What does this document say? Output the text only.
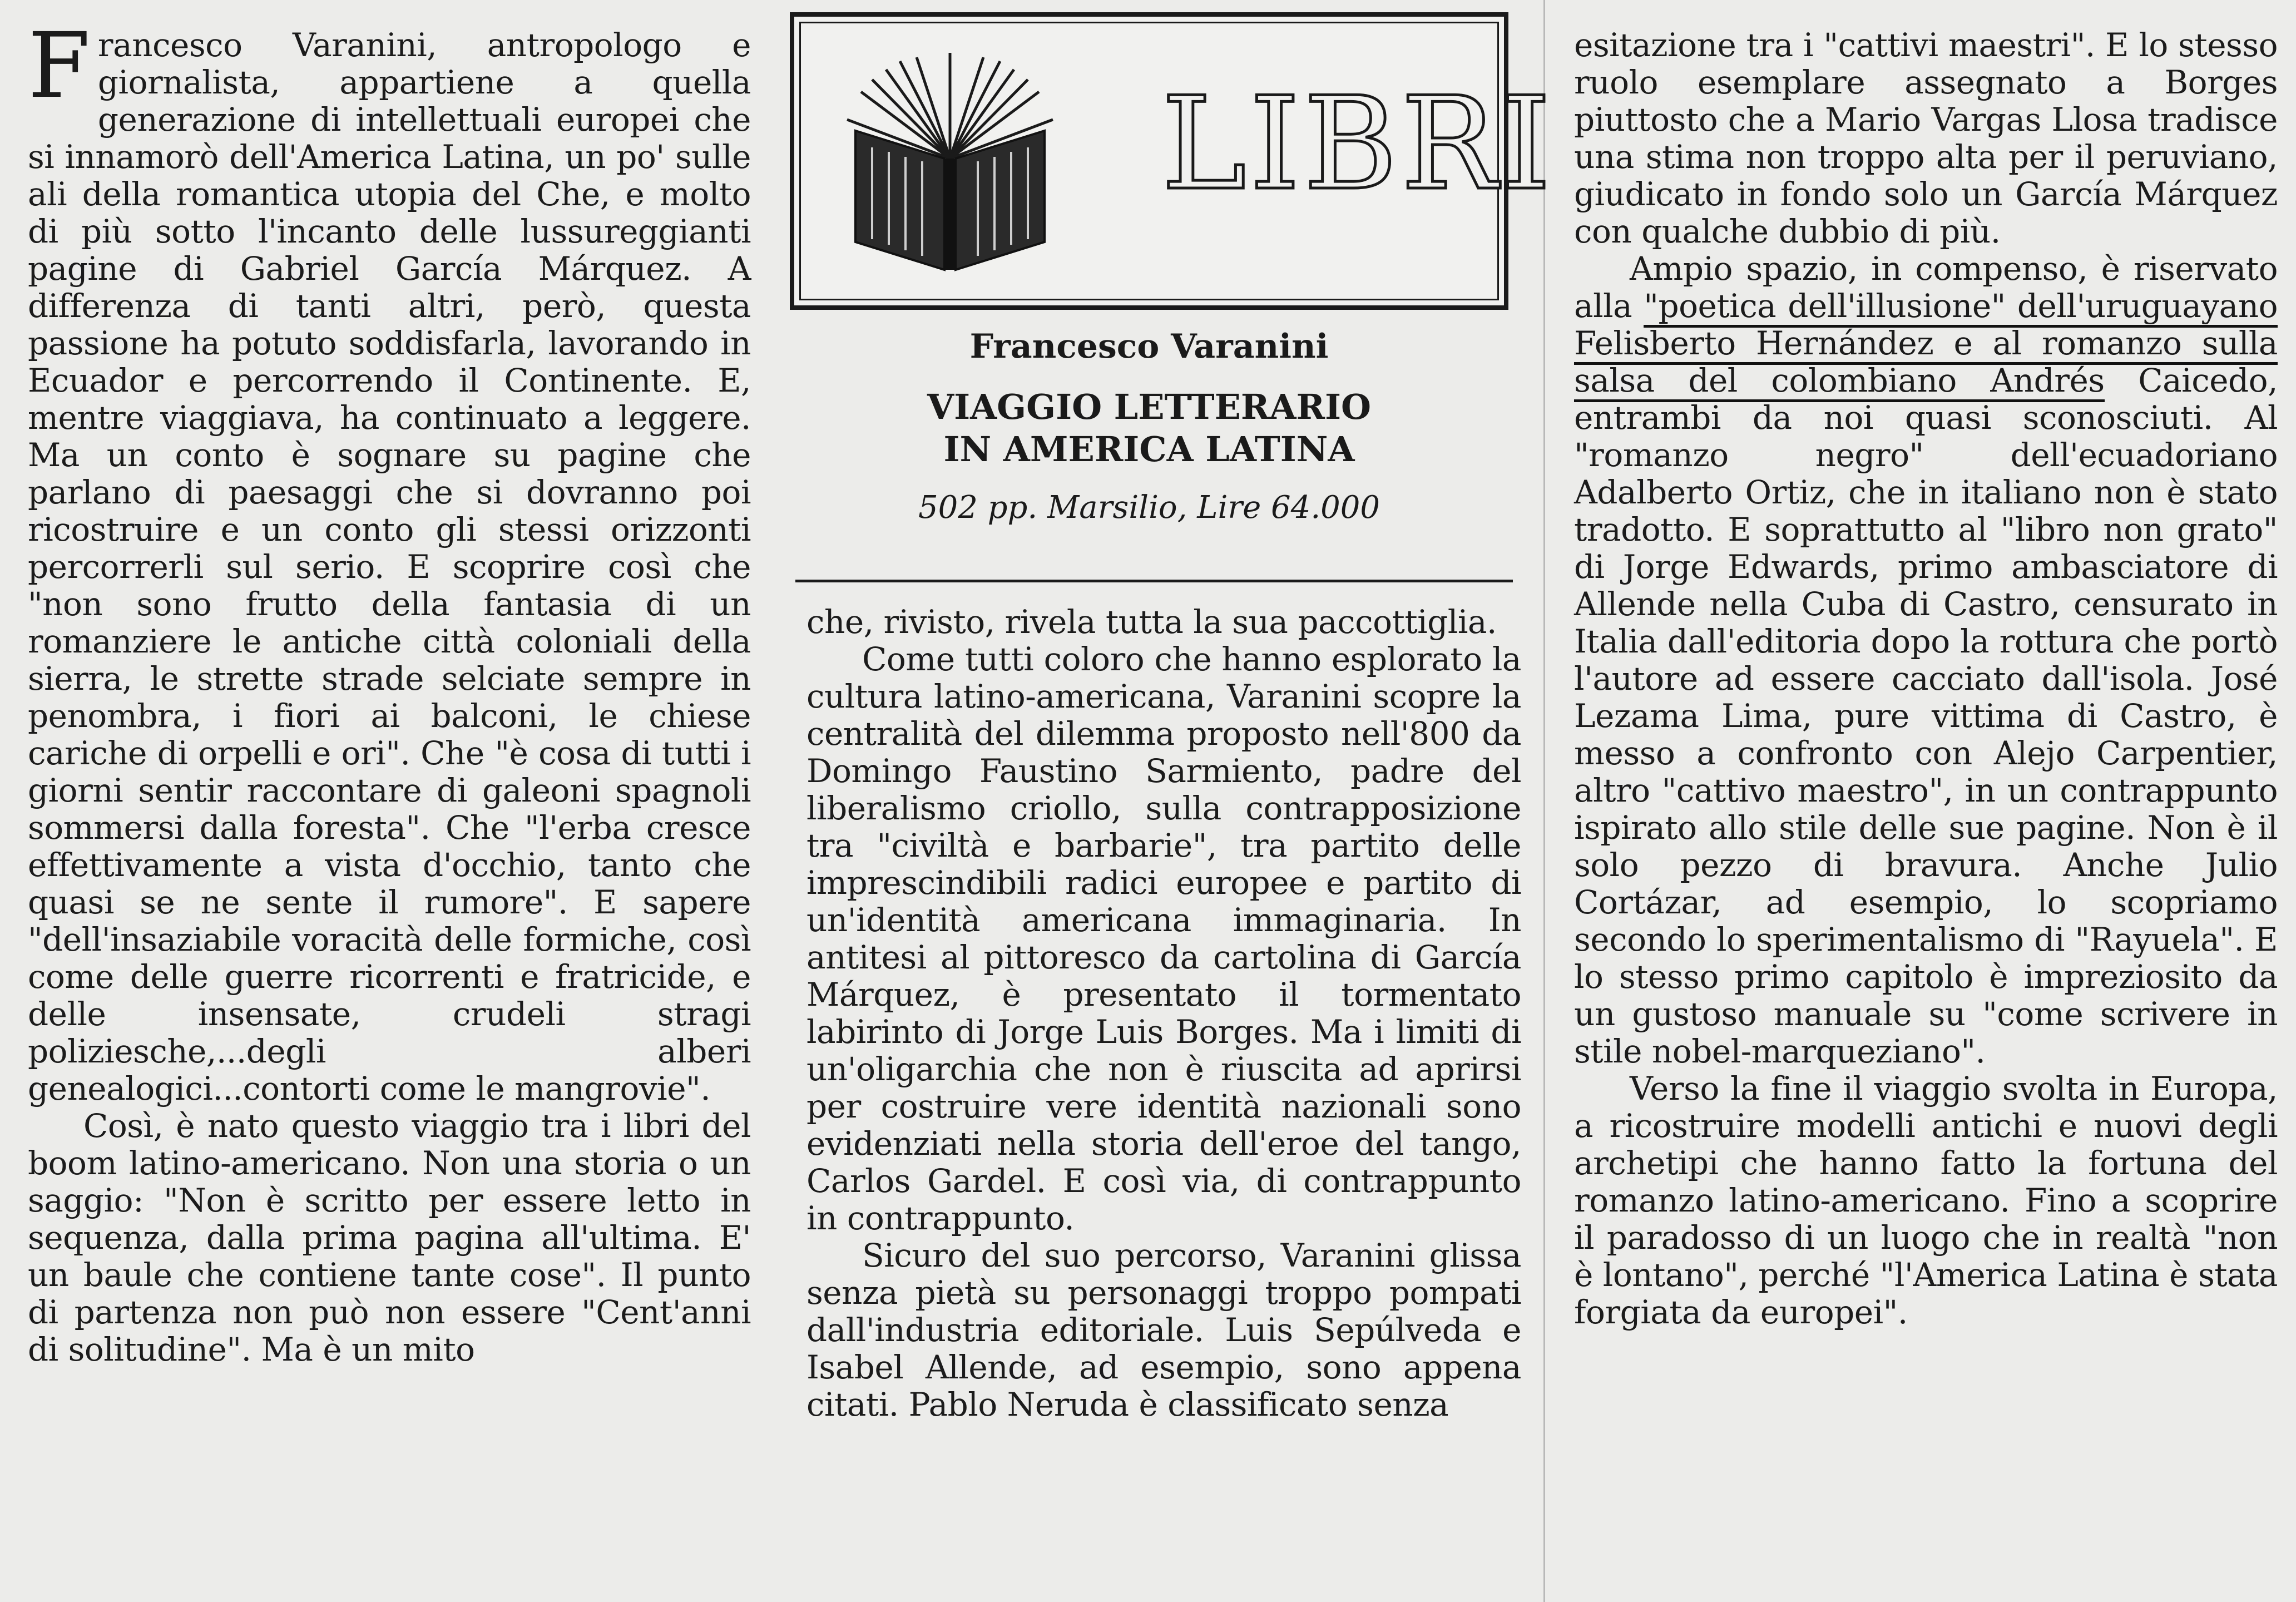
Francesco Varanini, antropologo e giornalista, appartiene a quella generazione di intellettuali europei che si innamorò dell'America Latina, un po' sulle ali della romantica utopia del Che, e molto di più sotto l'incanto delle lussureggianti pagine di Gabriel García Márquez. A differenza di tanti altri, però, questa passione ha potuto soddisfarla, lavorando in Ecuador e percorrendo il Continente. E, mentre viaggiava, ha continuato a leggere. Ma un conto è sognare su pagine che parlano di paesaggi che si dovranno poi ricostruire e un conto gli stessi orizzonti percorrerli sul serio. E scoprire così che "non sono frutto della fantasia di un romanziere le antiche città coloniali della sierra, le strette strade selciate sempre in penombra, i fiori ai balconi, le chiese cariche di orpelli e ori". Che "è cosa di tutti i giorni sentir raccontare di galeoni spagnoli sommersi dalla foresta". Che "l'erba cresce effettivamente a vista d'occhio, tanto che quasi se ne sente il rumore". E sapere "dell'insaziabile voracità delle formiche, così come delle guerre ricorrenti e fratricide, e delle insensate, crudeli stragi poliziesche,...degli alberi genealogici...contorti come le mangrovie".

Così, è nato questo viaggio tra i libri del boom latino-americano. Non una storia o un saggio: "Non è scritto per essere letto in sequenza, dalla prima pagina all'ultima. E' un baule che contiene tante cose". Il punto di partenza non può non essere "Cent'anni di solitudine". Ma è un mito

LIBRI
Francesco Varanini
VIAGGIO LETTERARIO
IN AMERICA LATINA
502 pp. Marsilio, Lire 64.000

che, rivisto, rivela tutta la sua paccottiglia.

Come tutti coloro che hanno esplorato la cultura latino-americana, Varanini scopre la centralità del dilemma proposto nell'800 da Domingo Faustino Sarmiento, padre del liberalismo criollo, sulla contrapposizione tra "civiltà e barbarie", tra partito delle imprescindibili radici europee e partito di un'identità americana immaginaria. In antitesi al pittoresco da cartolina di García Márquez, è presentato il tormentato labirinto di Jorge Luis Borges. Ma i limiti di un'oligarchia che non è riuscita ad aprirsi per costruire vere identità nazionali sono evidenziati nella storia dell'eroe del tango, Carlos Gardel. E così via, di contrappunto in contrappunto.

Sicuro del suo percorso, Varanini glissa senza pietà su personaggi troppo pompati dall'industria editoriale. Luis Sepúlveda e Isabel Allende, ad esempio, sono appena citati. Pablo Neruda è classificato senza

esitazione tra i "cattivi maestri". E lo stesso ruolo esemplare assegnato a Borges piuttosto che a Mario Vargas Llosa tradisce una stima non troppo alta per il peruviano, giudicato in fondo solo un García Márquez con qualche dubbio di più.

Ampio spazio, in compenso, è riservato alla "poetica dell'illusione" dell'uruguayano Felisberto Hernández e al romanzo sulla salsa del colombiano Andrés Caicedo, entrambi da noi quasi sconosciuti. Al "romanzo negro" dell'ecuadoriano Adalberto Ortiz, che in italiano non è stato tradotto. E soprattutto al "libro non grato" di Jorge Edwards, primo ambasciatore di Allende nella Cuba di Castro, censurato in Italia dall'editoria dopo la rottura che portò l'autore ad essere cacciato dall'isola. José Lezama Lima, pure vittima di Castro, è messo a confronto con Alejo Carpentier, altro "cattivo maestro", in un contrappunto ispirato allo stile delle sue pagine. Non è il solo pezzo di bravura. Anche Julio Cortázar, ad esempio, lo scopriamo secondo lo sperimentalismo di "Rayuela". E lo stesso primo capitolo è impreziosito da un gustoso manuale su "come scrivere in stile nobel-marqueziano".

Verso la fine il viaggio svolta in Europa, a ricostruire modelli antichi e nuovi degli archetipi che hanno fatto la fortuna del romanzo latino-americano. Fino a scoprire il paradosso di un luogo che in realtà "non è lontano", perché "l'America Latina è stata forgiata da europei".
